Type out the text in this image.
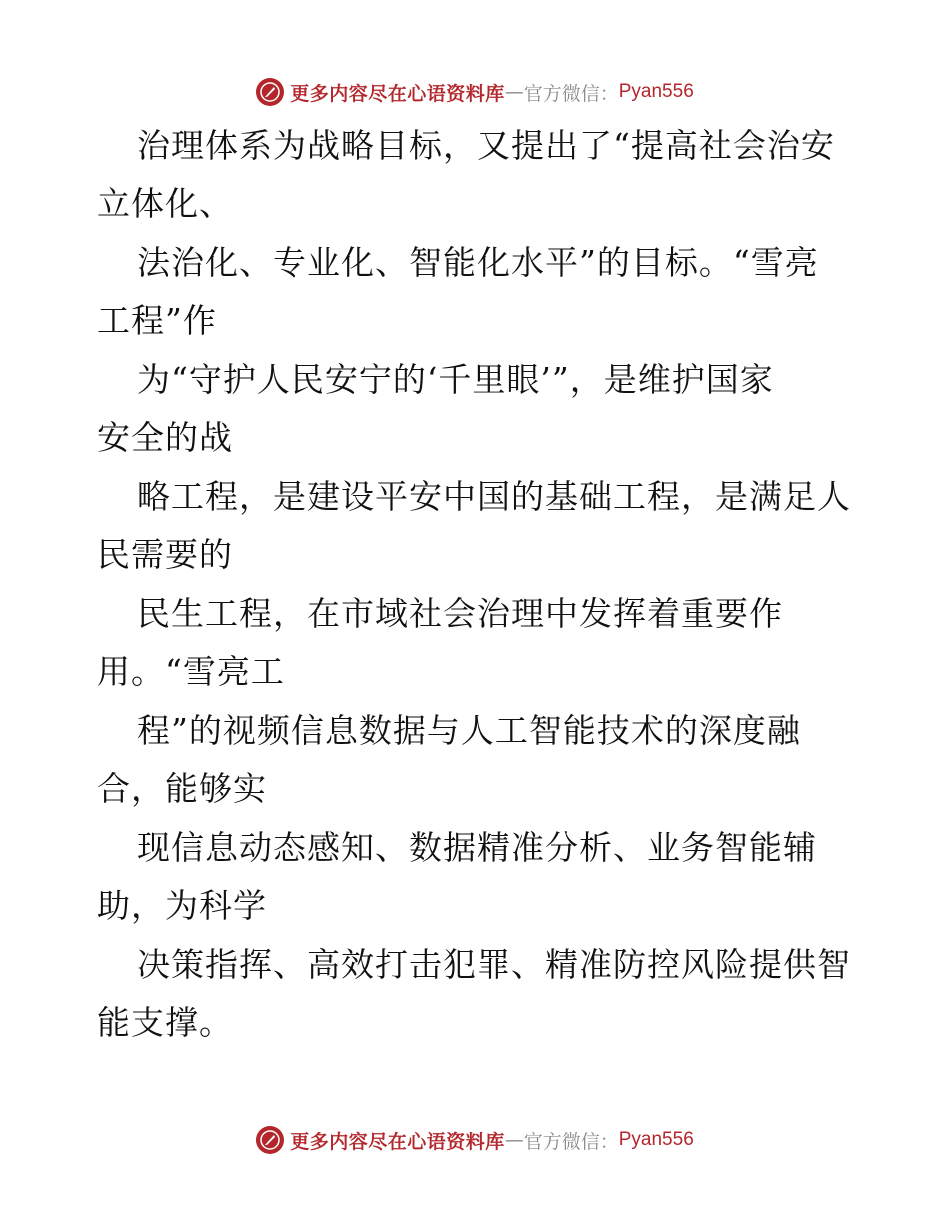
更多内容尽在心语资料库 — 官方微信： Pyan556
治理体系为战略目标，又提出了“提高社会治安
立体化、
法治化、专业化、智能化水平”的目标。“雪亮
工程”作
为“守护人民安宁的‘千里眼’”，是维护国家
安全的战
略工程，是建设平安中国的基础工程，是满足人
民需要的
民生工程，在市域社会治理中发挥着重要作
用。“雪亮工
程”的视频信息数据与人工智能技术的深度融
合，能够实
现信息动态感知、数据精准分析、业务智能辅
助，为科学
决策指挥、高效打击犯罪、精准防控风险提供智
能支撑。
更多内容尽在心语资料库 — 官方微信： Pyan556
